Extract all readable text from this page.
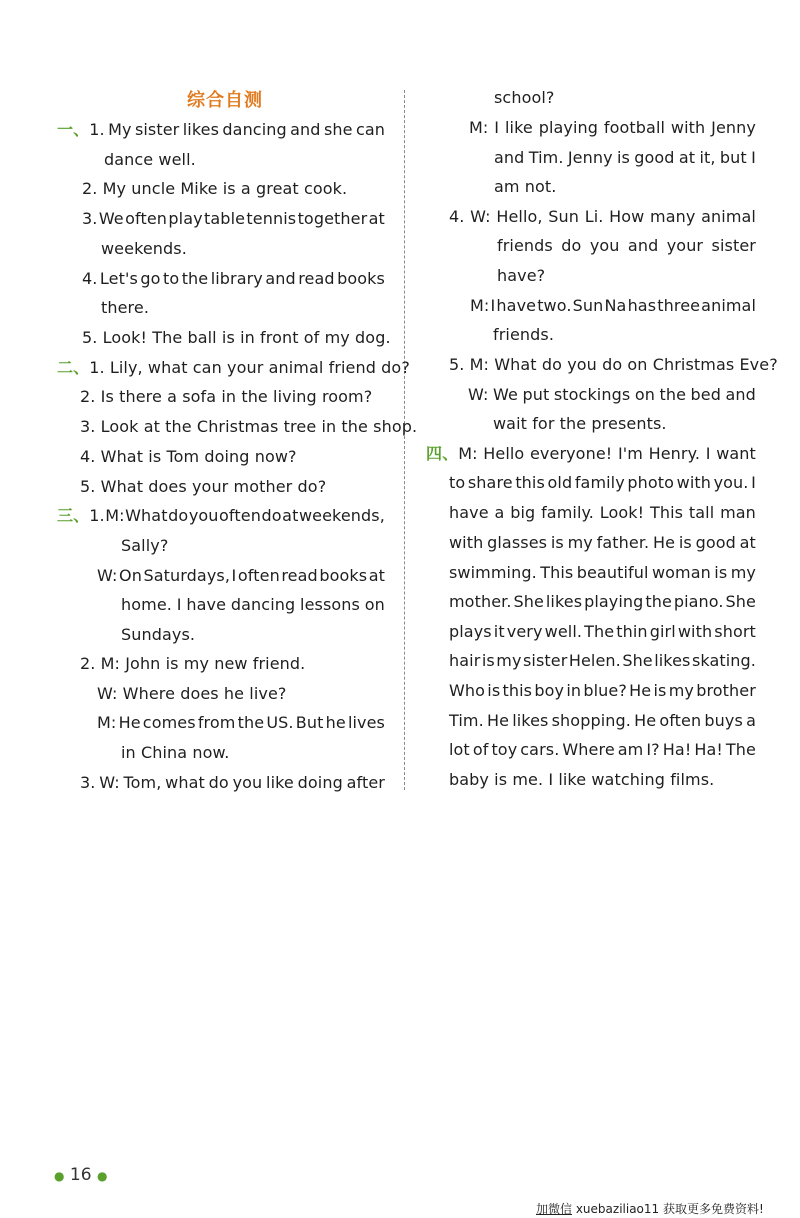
综合自测
一、1. My sister likes dancing and she can
dance well.
2. My uncle Mike is a great cook.
3. We often play table tennis together at
weekends.
4. Let's go to the library and read books
there.
5. Look! The ball is in front of my dog.
二、1. Lily, what can your animal friend do?
2. Is there a sofa in the living room?
3. Look at the Christmas tree in the shop.
4. What is Tom doing now?
5. What does your mother do?
三、1. M: What do you often do at weekends,
Sally?
W: On Saturdays, I often read books at
home. I have dancing lessons on
Sundays.
2. M: John is my new friend.
W: Where does he live?
M: He comes from the US. But he lives
in China now.
3. W: Tom, what do you like doing after
school?
M: I like playing football with Jenny
and Tim. Jenny is good at it, but I
am not.
4. W: Hello, Sun Li. How many animal
friends do you and your sister
have?
M: I have two. Sun Na has three animal
friends.
5. M: What do you do on Christmas Eve?
W: We put stockings on the bed and
wait for the presents.
四、M: Hello everyone! I'm Henry. I want
to share this old family photo with you. I
have a big family. Look! This tall man
with glasses is my father. He is good at
swimming. This beautiful woman is my
mother. She likes playing the piano. She
plays it very well. The thin girl with short
hair is my sister Helen. She likes skating.
Who is this boy in blue? He is my brother
Tim. He likes shopping. He often buys a
lot of toy cars. Where am I? Ha! Ha! The
baby is me. I like watching films.
● 16 ●
加微信 xuebaziliao11 获取更多免费资料!
